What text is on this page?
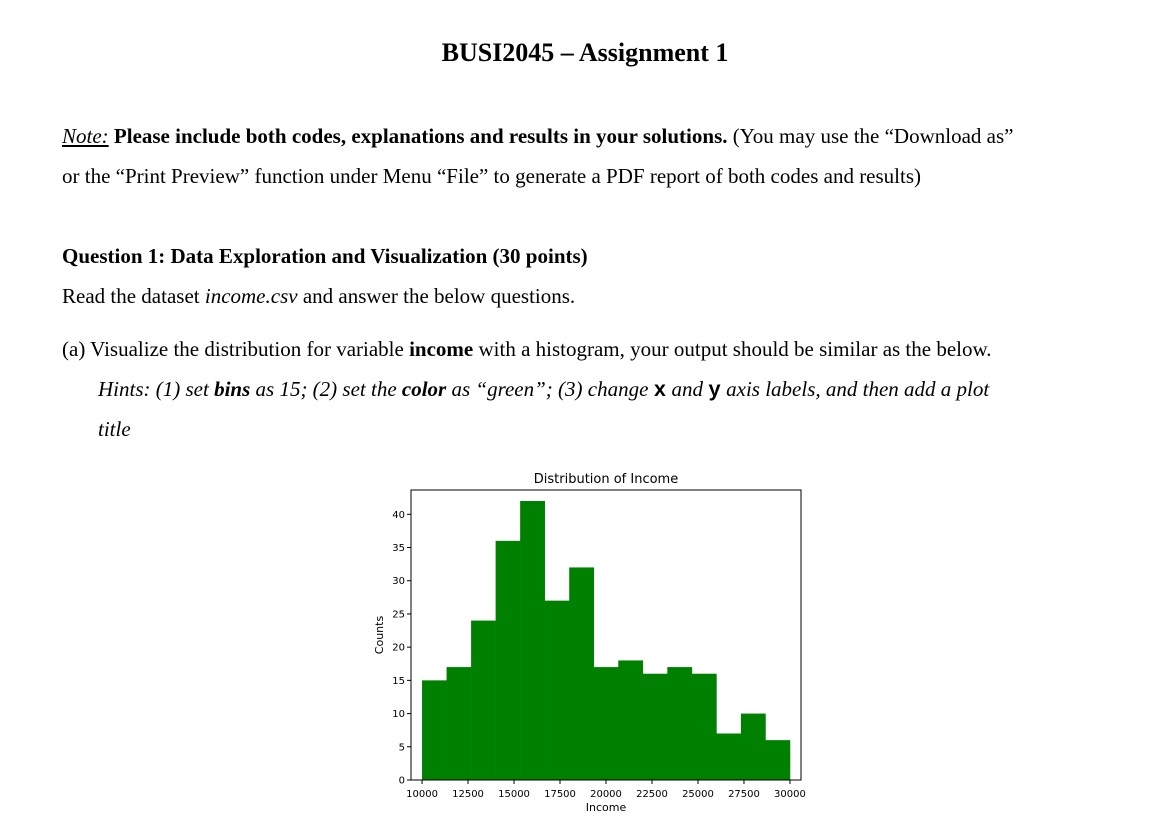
BUSI2045 – Assignment 1
Note: Please include both codes, explanations and results in your solutions. (You may use the “Download as”
or the “Print Preview” function under Menu “File” to generate a PDF report of both codes and results)
Question 1: Data Exploration and Visualization (30 points)
Read the dataset income.csv and answer the below questions.
(a) Visualize the distribution for variable income with a histogram, your output should be similar as the below.
Hints: (1) set bins as 15; (2) set the color as “green”; (3) change x and y axis labels, and then add a plot
title
10000 12500 15000 17500 20000 22500 25000 27500 30000
0
5
10
15
20
25
30
35
40
Distribution of Income
Income
Counts
